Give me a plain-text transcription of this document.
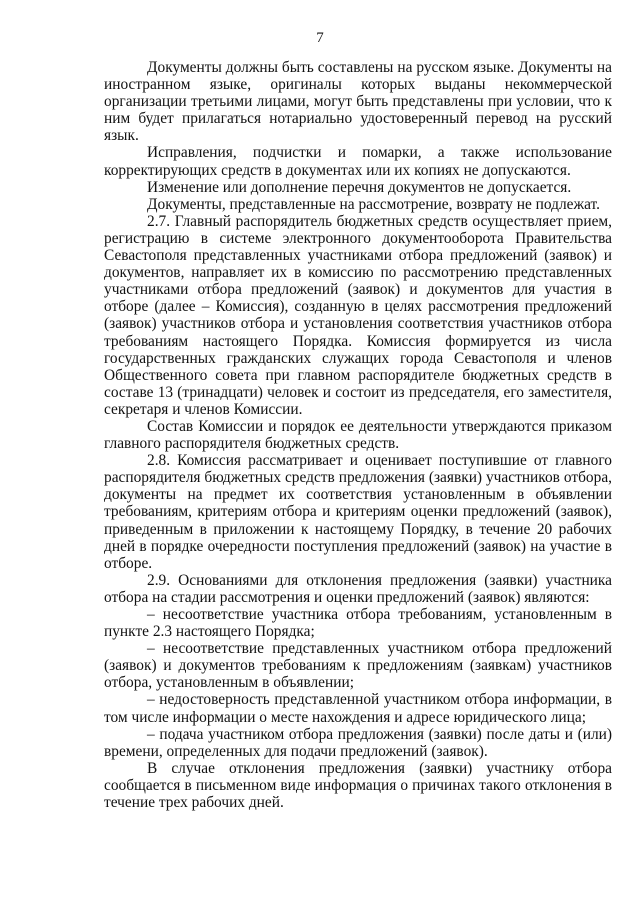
7

Документы должны быть составлены на русском языке. Документы на иностранном языке, оригиналы которых выданы некоммерческой организации третьими лицами, могут быть представлены при условии, что к ним будет прилагаться нотариально удостоверенный перевод на русский язык.

Исправления, подчистки и помарки, а также использование корректирующих средств в документах или их копиях не допускаются.

Изменение или дополнение перечня документов не допускается.

Документы, представленные на рассмотрение, возврату не подлежат.

2.7. Главный распорядитель бюджетных средств осуществляет прием, регистрацию в системе электронного документооборота Правительства Севастополя представленных участниками отбора предложений (заявок) и документов, направляет их в комиссию по рассмотрению представленных участниками отбора предложений (заявок) и документов для участия в отборе (далее – Комиссия), созданную в целях рассмотрения предложений (заявок) участников отбора и установления соответствия участников отбора требованиям настоящего Порядка. Комиссия формируется из числа государственных гражданских служащих города Севастополя и членов Общественного совета при главном распорядителе бюджетных средств в составе 13 (тринадцати) человек и состоит из председателя, его заместителя, секретаря и членов Комиссии.

Состав Комиссии и порядок ее деятельности утверждаются приказом главного распорядителя бюджетных средств.

2.8. Комиссия рассматривает и оценивает поступившие от главного распорядителя бюджетных средств предложения (заявки) участников отбора, документы на предмет их соответствия установленным в объявлении требованиям, критериям отбора и критериям оценки предложений (заявок), приведенным в приложении к настоящему Порядку, в течение 20 рабочих дней в порядке очередности поступления предложений (заявок) на участие в отборе.

2.9. Основаниями для отклонения предложения (заявки) участника отбора на стадии рассмотрения и оценки предложений (заявок) являются:

– несоответствие участника отбора требованиям, установленным в пункте 2.3 настоящего Порядка;

– несоответствие представленных участником отбора предложений (заявок) и документов требованиям к предложениям (заявкам) участников отбора, установленным в объявлении;

– недостоверность представленной участником отбора информации, в том числе информации о месте нахождения и адресе юридического лица;

– подача участником отбора предложения (заявки) после даты и (или) времени, определенных для подачи предложений (заявок).

В случае отклонения предложения (заявки) участнику отбора сообщается в письменном виде информация о причинах такого отклонения в течение трех рабочих дней.
